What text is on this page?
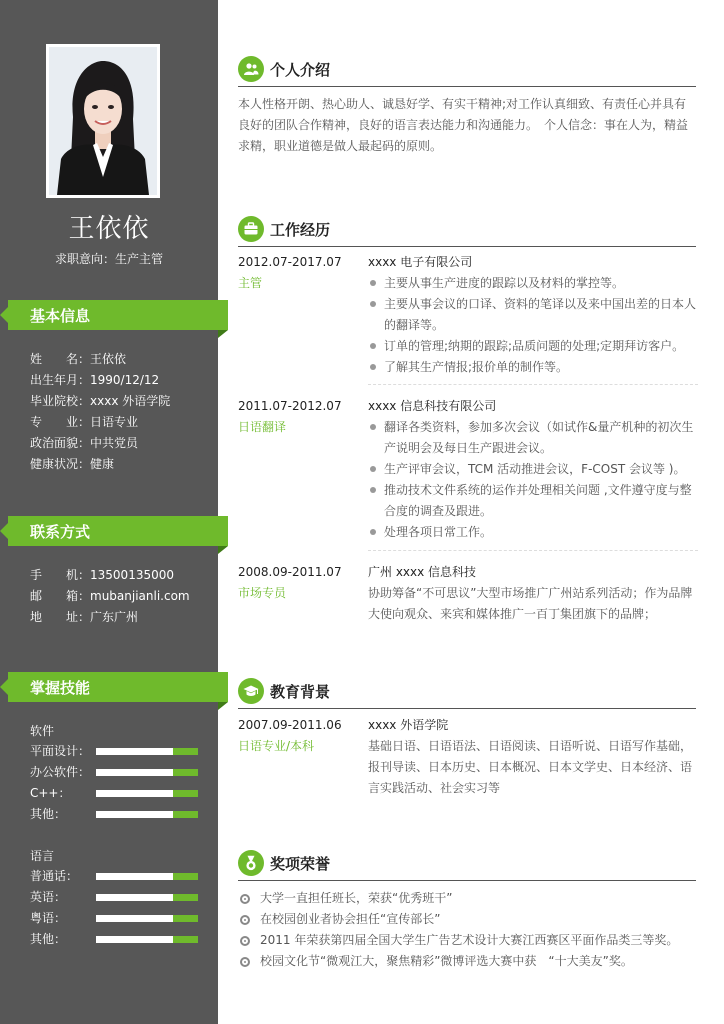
王依依
求职意向：生产主管
基本信息
姓　　名：王依依
出生年月：1990/12/12
毕业院校：xxxx 外语学院
专　　业：日语专业
政治面貌：中共党员
健康状况：健康
联系方式
手　　机：13500135000
邮　　箱：mubanjianli.com
地　　址：广东广州
掌握技能
软件
平面设计：
办公软件：
C++：
其他：
语言
普通话：
英语：
粤语：
其他：
个人介绍
本人性格开朗、热心助人、诚恳好学、有实干精神;对工作认真细致、有责任心并具有良好的团队合作精神，良好的语言表达能力和沟通能力。　个人信念：事在人为，精益求精，职业道德是做人最起码的原则。
工作经历
2012.07-2017.07
主管
xxxx 电子有限公司
主要从事生产进度的跟踪以及材料的掌控等。
主要从事会议的口译、资料的笔译以及来中国出差的日本人的翻译等。
订单的管理;纳期的跟踪;品质问题的处理;定期拜访客户。
了解其生产情报;报价单的制作等。
2011.07-2012.07
日语翻译
xxxx 信息科技有限公司
翻译各类资料，参加多次会议（如试作&量产机种的初次生产说明会及每日生产跟进会议。
生产评审会议，TCM 活动推进会议，F-COST 会议等 )。
推动技术文件系统的运作并处理相关问题 ,文件遵守度与整合度的调查及跟进。
处理各项日常工作。
2008.09-2011.07
市场专员
广州 xxxx 信息科技
协助筹备“不可思议”大型市场推广广州站系列活动；作为品牌大使向观众、来宾和媒体推广一百丁集团旗下的品牌；
教育背景
2007.09-2011.06
日语专业/本科
xxxx 外语学院
基础日语、日语语法、日语阅读、日语听说、日语写作基础，报刊导读、日本历史、日本概况、日本文学史、日本经济、语言实践活动、社会实习等
奖项荣誉
大学一直担任班长，荣获“优秀班干”
在校园创业者协会担任“宣传部长”
2011 年荣获第四届全国大学生广告艺术设计大赛江西赛区平面作品类三等奖。
校园文化节“微观江大，聚焦精彩”微博评选大赛中获　“十大美友”奖。
